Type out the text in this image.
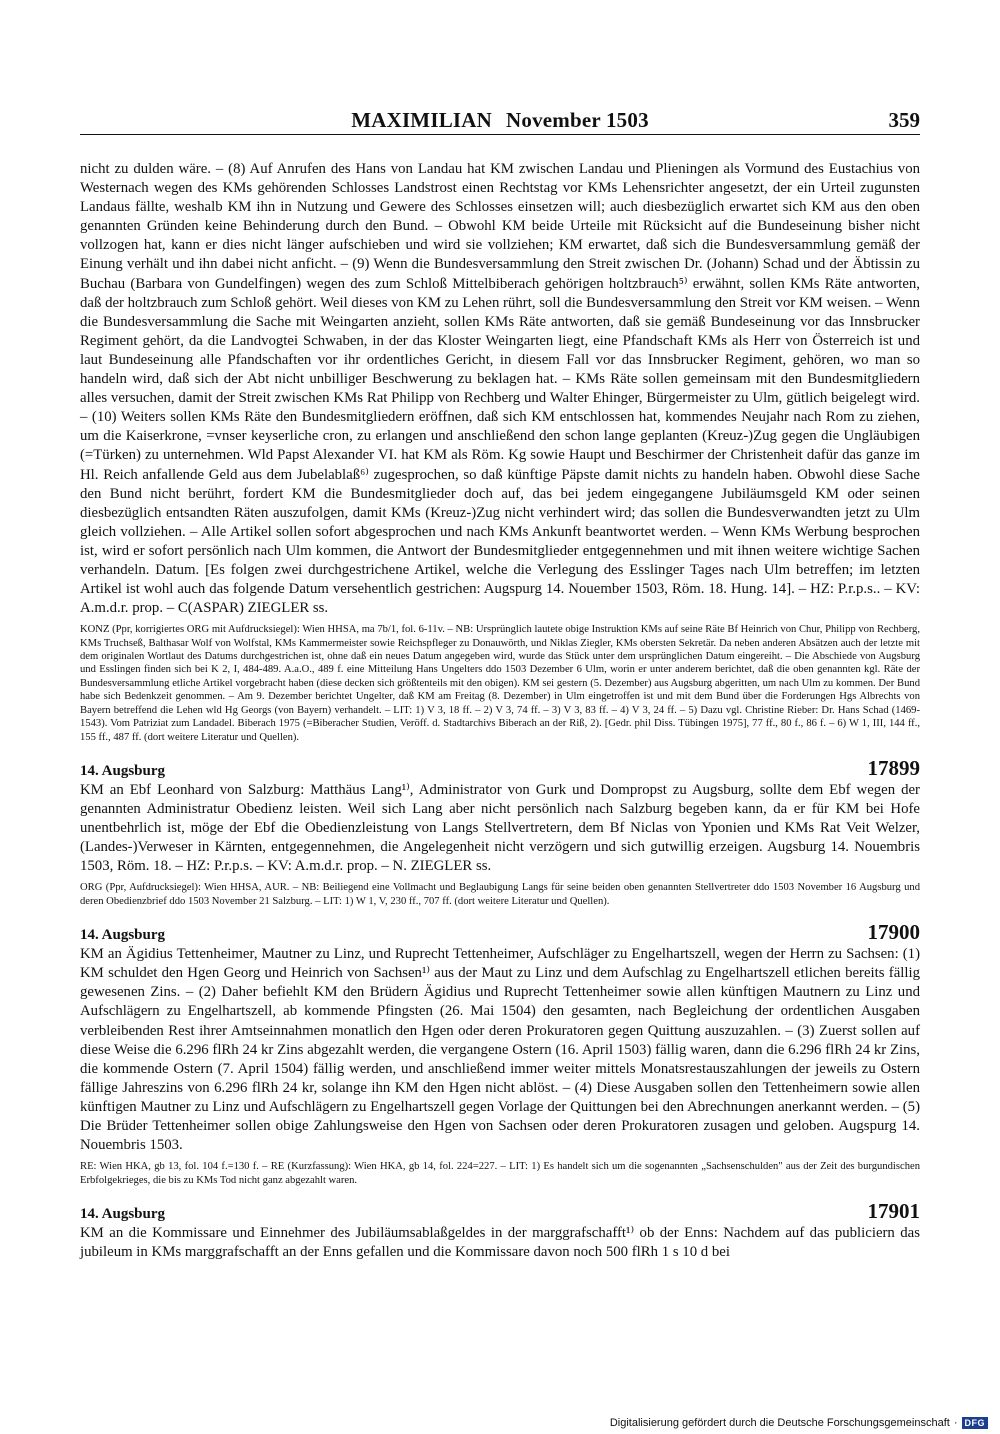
MAXIMILIAN November 1503	359

nicht zu dulden wäre. – (8) Auf Anrufen des Hans von Landau hat KM zwischen Landau und Plieningen als Vormund des Eustachius von Westernach wegen des KMs gehörenden Schlosses Landstrost einen Rechtstag vor KMs Lehensrichter angesetzt, der ein Urteil zugunsten Landaus fällte, weshalb KM ihn in Nutzung und Gewere des Schlosses einsetzen will; auch diesbezüglich erwartet sich KM aus den oben genannten Gründen keine Behinderung durch den Bund. – Obwohl KM beide Urteile mit Rücksicht auf die Bundeseinung bisher nicht vollzogen hat, kann er dies nicht länger aufschieben und wird sie vollziehen; KM erwartet, daß sich die Bundesversammlung gemäß der Einung verhält und ihn dabei nicht anficht. – (9) Wenn die Bundesversammlung den Streit zwischen Dr. (Johann) Schad und der Äbtissin zu Buchau (Barbara von Gundelfingen) wegen des zum Schloß Mittelbiberach gehörigen holtzbrauch⁵⁾ erwähnt, sollen KMs Räte antworten, daß der holtzbrauch zum Schloß gehört. Weil dieses von KM zu Lehen rührt, soll die Bundesversammlung den Streit vor KM weisen. – Wenn die Bundesversammlung die Sache mit Weingarten anzieht, sollen KMs Räte antworten, daß sie gemäß Bundeseinung vor das Innsbrucker Regiment gehört, da die Landvogtei Schwaben, in der das Kloster Weingarten liegt, eine Pfandschaft KMs als Herr von Österreich ist und laut Bundeseinung alle Pfandschaften vor ihr ordentliches Gericht, in diesem Fall vor das Innsbrucker Regiment, gehören, wo man so handeln wird, daß sich der Abt nicht unbilliger Beschwerung zu beklagen hat. – KMs Räte sollen gemeinsam mit den Bundesmitgliedern alles versuchen, damit der Streit zwischen KMs Rat Philipp von Rechberg und Walter Ehinger, Bürgermeister zu Ulm, gütlich beigelegt wird. – (10) Weiters sollen KMs Räte den Bundesmitgliedern eröffnen, daß sich KM entschlossen hat, kommendes Neujahr nach Rom zu ziehen, um die Kaiserkrone, =vnser keyserliche cron, zu erlangen und anschließend den schon lange geplanten (Kreuz-)Zug gegen die Ungläubigen (=Türken) zu unternehmen. Wld Papst Alexander VI. hat KM als Röm. Kg sowie Haupt und Beschirmer der Christenheit dafür das ganze im Hl. Reich anfallende Geld aus dem Jubelablaß⁶⁾ zugesprochen, so daß künftige Päpste damit nichts zu handeln haben. Obwohl diese Sache den Bund nicht berührt, fordert KM die Bundesmitglieder doch auf, das bei jedem eingegangene Jubiläumsgeld KM oder seinen diesbezüglich entsandten Räten auszufolgen, damit KMs (Kreuz-)Zug nicht verhindert wird; das sollen die Bundesverwandten jetzt zu Ulm gleich vollziehen. – Alle Artikel sollen sofort abgesprochen und nach KMs Ankunft beantwortet werden. – Wenn KMs Werbung besprochen ist, wird er sofort persönlich nach Ulm kommen, die Antwort der Bundesmitglieder entgegennehmen und mit ihnen weitere wichtige Sachen verhandeln. Datum. [Es folgen zwei durchgestrichene Artikel, welche die Verlegung des Esslinger Tages nach Ulm betreffen; im letzten Artikel ist wohl auch das folgende Datum versehentlich gestrichen: Augspurg 14. Nouember 1503, Röm. 18. Hung. 14]. – HZ: P.r.p.s.. – KV: A.m.d.r. prop. – C(ASPAR) ZIEGLER ss.

KONZ (Ppr, korrigiertes ORG mit Aufdrucksiegel): Wien HHSA, ma 7b/1, fol. 6-11v. – NB: Ursprünglich lautete obige Instruktion KMs auf seine Räte Bf Heinrich von Chur, Philipp von Rechberg, KMs Truchseß, Balthasar Wolf von Wolfstal, KMs Kammermeister sowie Reichspfleger zu Donauwörth, und Niklas Ziegler, KMs obersten Sekretär. Da neben anderen Absätzen auch der letzte mit dem originalen Wortlaut des Datums durchgestrichen ist, ohne daß ein neues Datum angegeben wird, wurde das Stück unter dem ursprünglichen Datum eingereiht. – Die Abschiede von Augsburg und Esslingen finden sich bei K 2, I, 484-489. A.a.O., 489 f. eine Mitteilung Hans Ungelters ddo 1503 Dezember 6 Ulm, worin er unter anderem berichtet, daß die oben genannten kgl. Räte der Bundesversammlung etliche Artikel vorgebracht haben (diese decken sich größtenteils mit den obigen). KM sei gestern (5. Dezember) aus Augsburg abgeritten, um nach Ulm zu kommen. Der Bund habe sich Bedenkzeit genommen. – Am 9. Dezember berichtet Ungelter, daß KM am Freitag (8. Dezember) in Ulm eingetroffen ist und mit dem Bund über die Forderungen Hgs Albrechts von Bayern betreffend die Lehen wld Hg Georgs (von Bayern) verhandelt. – LIT: 1) V 3, 18 ff. – 2) V 3, 74 ff. – 3) V 3, 83 ff. – 4) V 3, 24 ff. – 5) Dazu vgl. Christine Rieber: Dr. Hans Schad (1469-1543). Vom Patriziat zum Landadel. Biberach 1975 (=Biberacher Studien, Veröff. d. Stadtarchivs Biberach an der Riß, 2). [Gedr. phil Diss. Tübingen 1975], 77 ff., 80 f., 86 f. – 6) W 1, III, 144 ff., 155 ff., 487 ff. (dort weitere Literatur und Quellen).

14. Augsburg	17899

KM an Ebf Leonhard von Salzburg: Matthäus Lang¹⁾, Administrator von Gurk und Dompropst zu Augsburg, sollte dem Ebf wegen der genannten Administratur Obedienz leisten. Weil sich Lang aber nicht persönlich nach Salzburg begeben kann, da er für KM bei Hofe unentbehrlich ist, möge der Ebf die Obedienzleistung von Langs Stellvertretern, dem Bf Niclas von Yponien und KMs Rat Veit Welzer, (Landes-)Verweser in Kärnten, entgegennehmen, die Angelegenheit nicht verzögern und sich gutwillig erzeigen. Augsburg 14. Nouembris 1503, Röm. 18. – HZ: P.r.p.s. – KV: A.m.d.r. prop. – N. ZIEGLER ss.

ORG (Ppr, Aufdrucksiegel): Wien HHSA, AUR. – NB: Beiliegend eine Vollmacht und Beglaubigung Langs für seine beiden oben genannten Stellvertreter ddo 1503 November 16 Augsburg und deren Obedienzbrief ddo 1503 November 21 Salzburg. – LIT: 1) W 1, V, 230 ff., 707 ff. (dort weitere Literatur und Quellen).

14. Augsburg	17900

KM an Ägidius Tettenheimer, Mautner zu Linz, und Ruprecht Tettenheimer, Aufschläger zu Engelhartszell, wegen der Herrn zu Sachsen: (1) KM schuldet den Hgen Georg und Heinrich von Sachsen¹⁾ aus der Maut zu Linz und dem Aufschlag zu Engelhartszell etlichen bereits fällig gewesenen Zins. – (2) Daher befiehlt KM den Brüdern Ägidius und Ruprecht Tettenheimer sowie allen künftigen Mautnern zu Linz und Aufschlägern zu Engelhartszell, ab kommende Pfingsten (26. Mai 1504) den gesamten, nach Begleichung der ordentlichen Ausgaben verbleibenden Rest ihrer Amtseinnahmen monatlich den Hgen oder deren Prokuratoren gegen Quittung auszuzahlen. – (3) Zuerst sollen auf diese Weise die 6.296 flRh 24 kr Zins abgezahlt werden, die vergangene Ostern (16. April 1503) fällig waren, dann die 6.296 flRh 24 kr Zins, die kommende Ostern (7. April 1504) fällig werden, und anschließend immer weiter mittels Monatsrestauszahlungen der jeweils zu Ostern fällige Jahreszins von 6.296 flRh 24 kr, solange ihn KM den Hgen nicht ablöst. – (4) Diese Ausgaben sollen den Tettenheimern sowie allen künftigen Mautner zu Linz und Aufschlägern zu Engelhartszell gegen Vorlage der Quittungen bei den Abrechnungen anerkannt werden. – (5) Die Brüder Tettenheimer sollen obige Zahlungsweise den Hgen von Sachsen oder deren Prokuratoren zusagen und geloben. Augspurg 14. Nouembris 1503.

RE: Wien HKA, gb 13, fol. 104 f.=130 f. – RE (Kurzfassung): Wien HKA, gb 14, fol. 224=227. – LIT: 1) Es handelt sich um die sogenannten „Sachsenschulden" aus der Zeit des burgundischen Erbfolgekrieges, die bis zu KMs Tod nicht ganz abgezahlt waren.

14. Augsburg	17901

KM an die Kommissare und Einnehmer des Jubiläumsablaßgeldes in der marggrafschafft¹⁾ ob der Enns: Nachdem auf das publiciern das jubileum in KMs marggrafschafft an der Enns gefallen und die Kommissare davon noch 500 flRh 1 s 10 d bei

Digitalisierung gefördert durch die Deutsche Forschungsgemeinschaft · DFG
